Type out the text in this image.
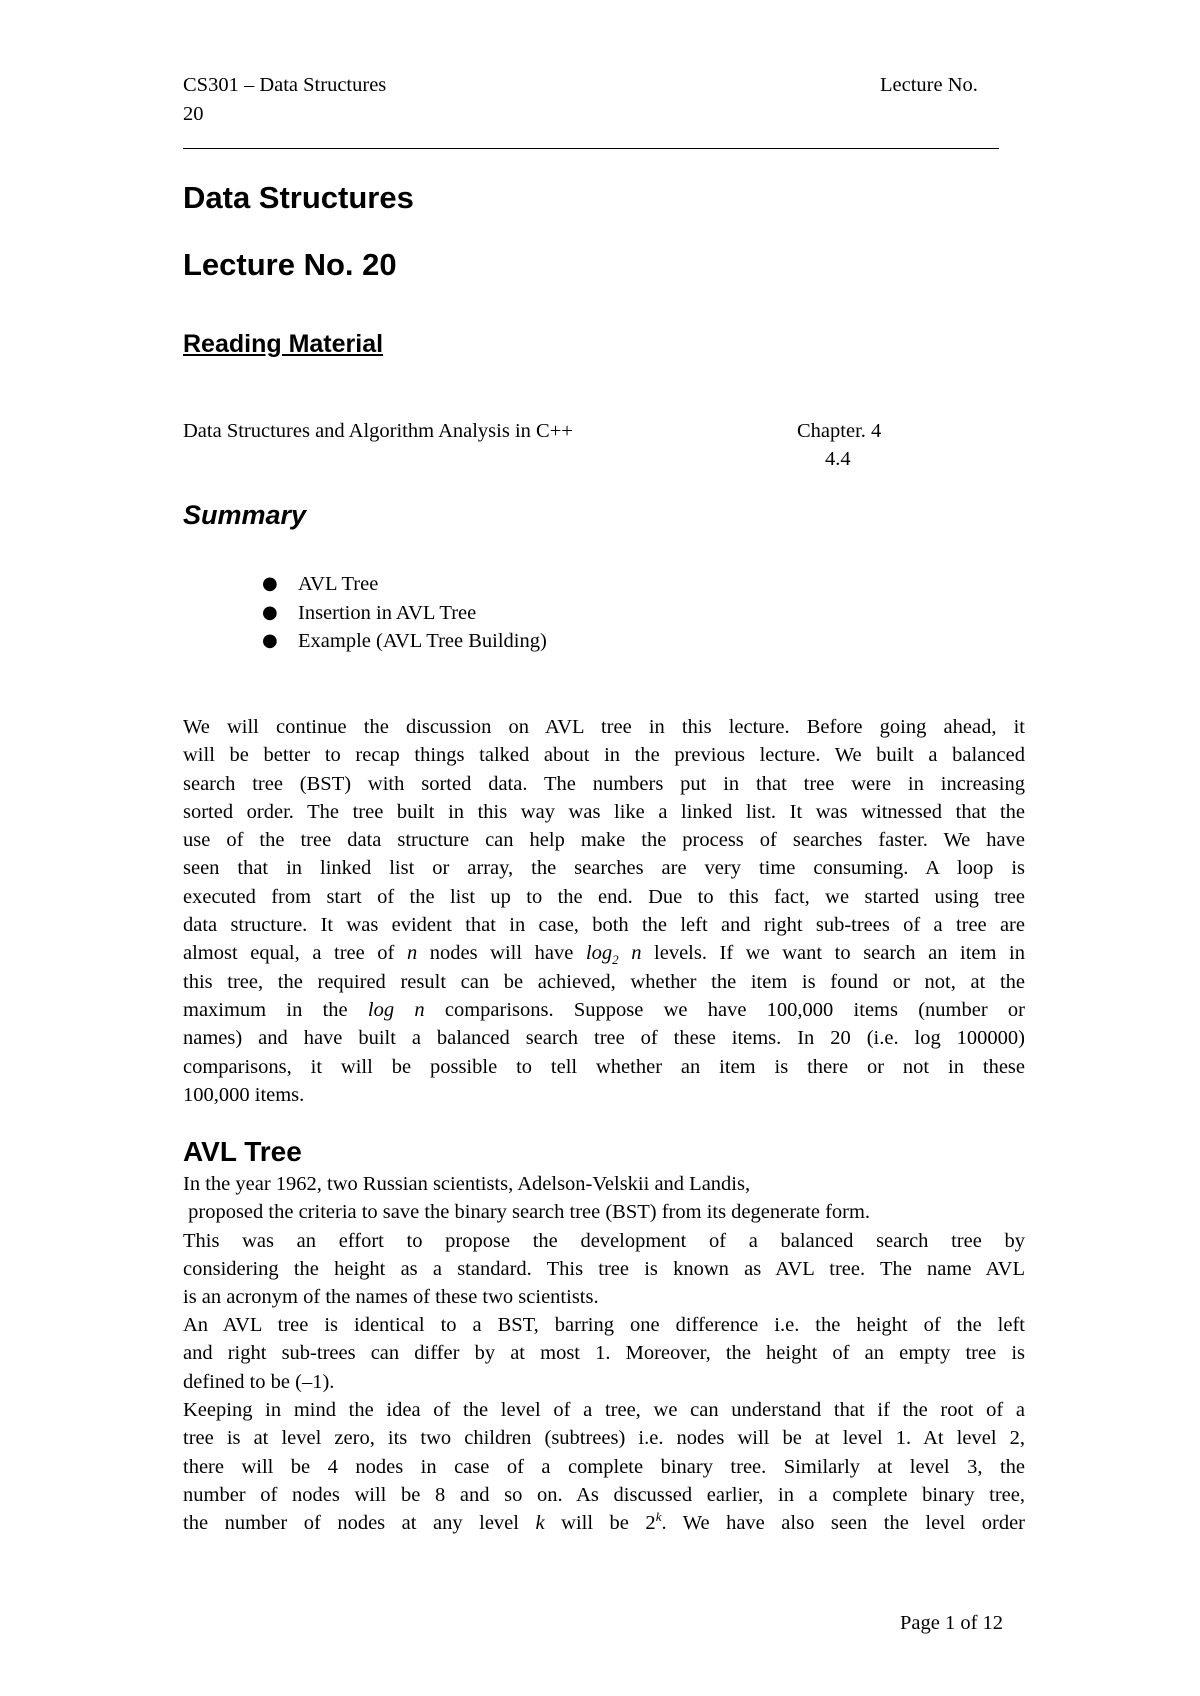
CS301 – Data Structures	Lecture No.
20
Data Structures
Lecture No. 20
Reading Material
Data Structures and Algorithm Analysis in C++	Chapter. 4
4.4
Summary
● AVL Tree
● Insertion in AVL Tree
● Example (AVL Tree Building)
We will continue the discussion on AVL tree in this lecture. Before going ahead, it
will be better to recap things talked about in the previous lecture. We built a balanced
search tree (BST) with sorted data. The numbers put in that tree were in increasing
sorted order. The tree built in this way was like a linked list. It was witnessed that the
use of the tree data structure can help make the process of searches faster. We have
seen that in linked list or array, the searches are very time consuming. A loop is
executed from start of the list up to the end. Due to this fact, we started using tree
data structure. It was evident that in case, both the left and right sub-trees of a tree are
almost equal, a tree of n nodes will have $\log_2 n$ levels. If we want to search an item in
this tree, the required result can be achieved, whether the item is found or not, at the
maximum in the log n comparisons. Suppose we have 100,000 items (number or
names) and have built a balanced search tree of these items. In 20 (i.e. log 100000)
comparisons, it will be possible to tell whether an item is there or not in these
100,000 items.
AVL Tree
In the year 1962, two Russian scientists, Adelson-Velskii and Landis,
proposed the criteria to save the binary search tree (BST) from its degenerate form.
This was an effort to propose the development of a balanced search tree by
considering the height as a standard. This tree is known as AVL tree. The name AVL
is an acronym of the names of these two scientists.
An AVL tree is identical to a BST, barring one difference i.e. the height of the left
and right sub-trees can differ by at most 1. Moreover, the height of an empty tree is
defined to be (–1).
Keeping in mind the idea of the level of a tree, we can understand that if the root of a
tree is at level zero, its two children (subtrees) i.e. nodes will be at level 1. At level 2,
there will be 4 nodes in case of a complete binary tree. Similarly at level 3, the
number of nodes will be 8 and so on. As discussed earlier, in a complete binary tree,
the number of nodes at any level k will be 2$^k$. We have also seen the level order
Page 1 of 12
